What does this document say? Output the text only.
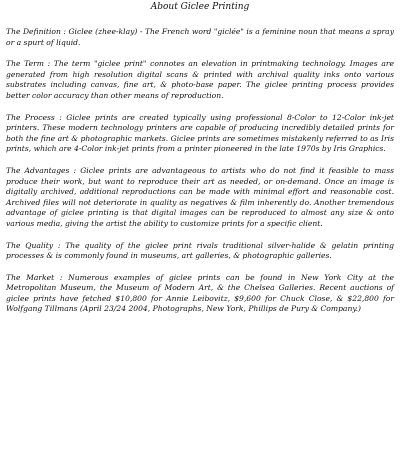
About Giclee Printing

The Definition : Giclee (zhee-klay) - The French word "giclée" is a feminine noun that means a spray or a spurt of liquid.

The Term : The term "giclee print" connotes an elevation in printmaking technology. Images are generated from high resolution digital scans & printed with archival quality inks onto various substrates including canvas, fine art, & photo-base paper. The giclee printing process provides better color accuracy than other means of reproduction.

The Process : Giclee prints are created typically using professional 8-Color to 12-Color ink-jet printers. These modern technology printers are capable of producing incredibly detailed prints for both the fine art & photographic markets. Giclee prints are sometimes mistakenly referred to as Iris prints, which are 4-Color ink-jet prints from a printer pioneered in the late 1970s by Iris Graphics.

The Advantages : Giclee prints are advantageous to artists who do not find it feasible to mass produce their work, but want to reproduce their art as needed, or on-demand. Once an image is digitally archived, additional reproductions can be made with minimal effort and reasonable cost. Archived files will not deteriorate in quality as negatives & film inherently do. Another tremendous advantage of giclee printing is that digital images can be reproduced to almost any size & onto various media, giving the artist the ability to customize prints for a specific client.

The Quality : The quality of the giclee print rivals traditional silver-halide & gelatin printing processes & is commonly found in museums, art galleries, & photographic galleries.

The Market : Numerous examples of giclee prints can be found in New York City at the Metropolitan Museum, the Museum of Modern Art, & the Chelsea Galleries. Recent auctions of giclee prints have fetched $10,800 for Annie Leibovitz, $9,600 for Chuck Close, & $22,800 for Wolfgang Tillmans (April 23/24 2004, Photographs, New York, Phillips de Pury & Company.)
